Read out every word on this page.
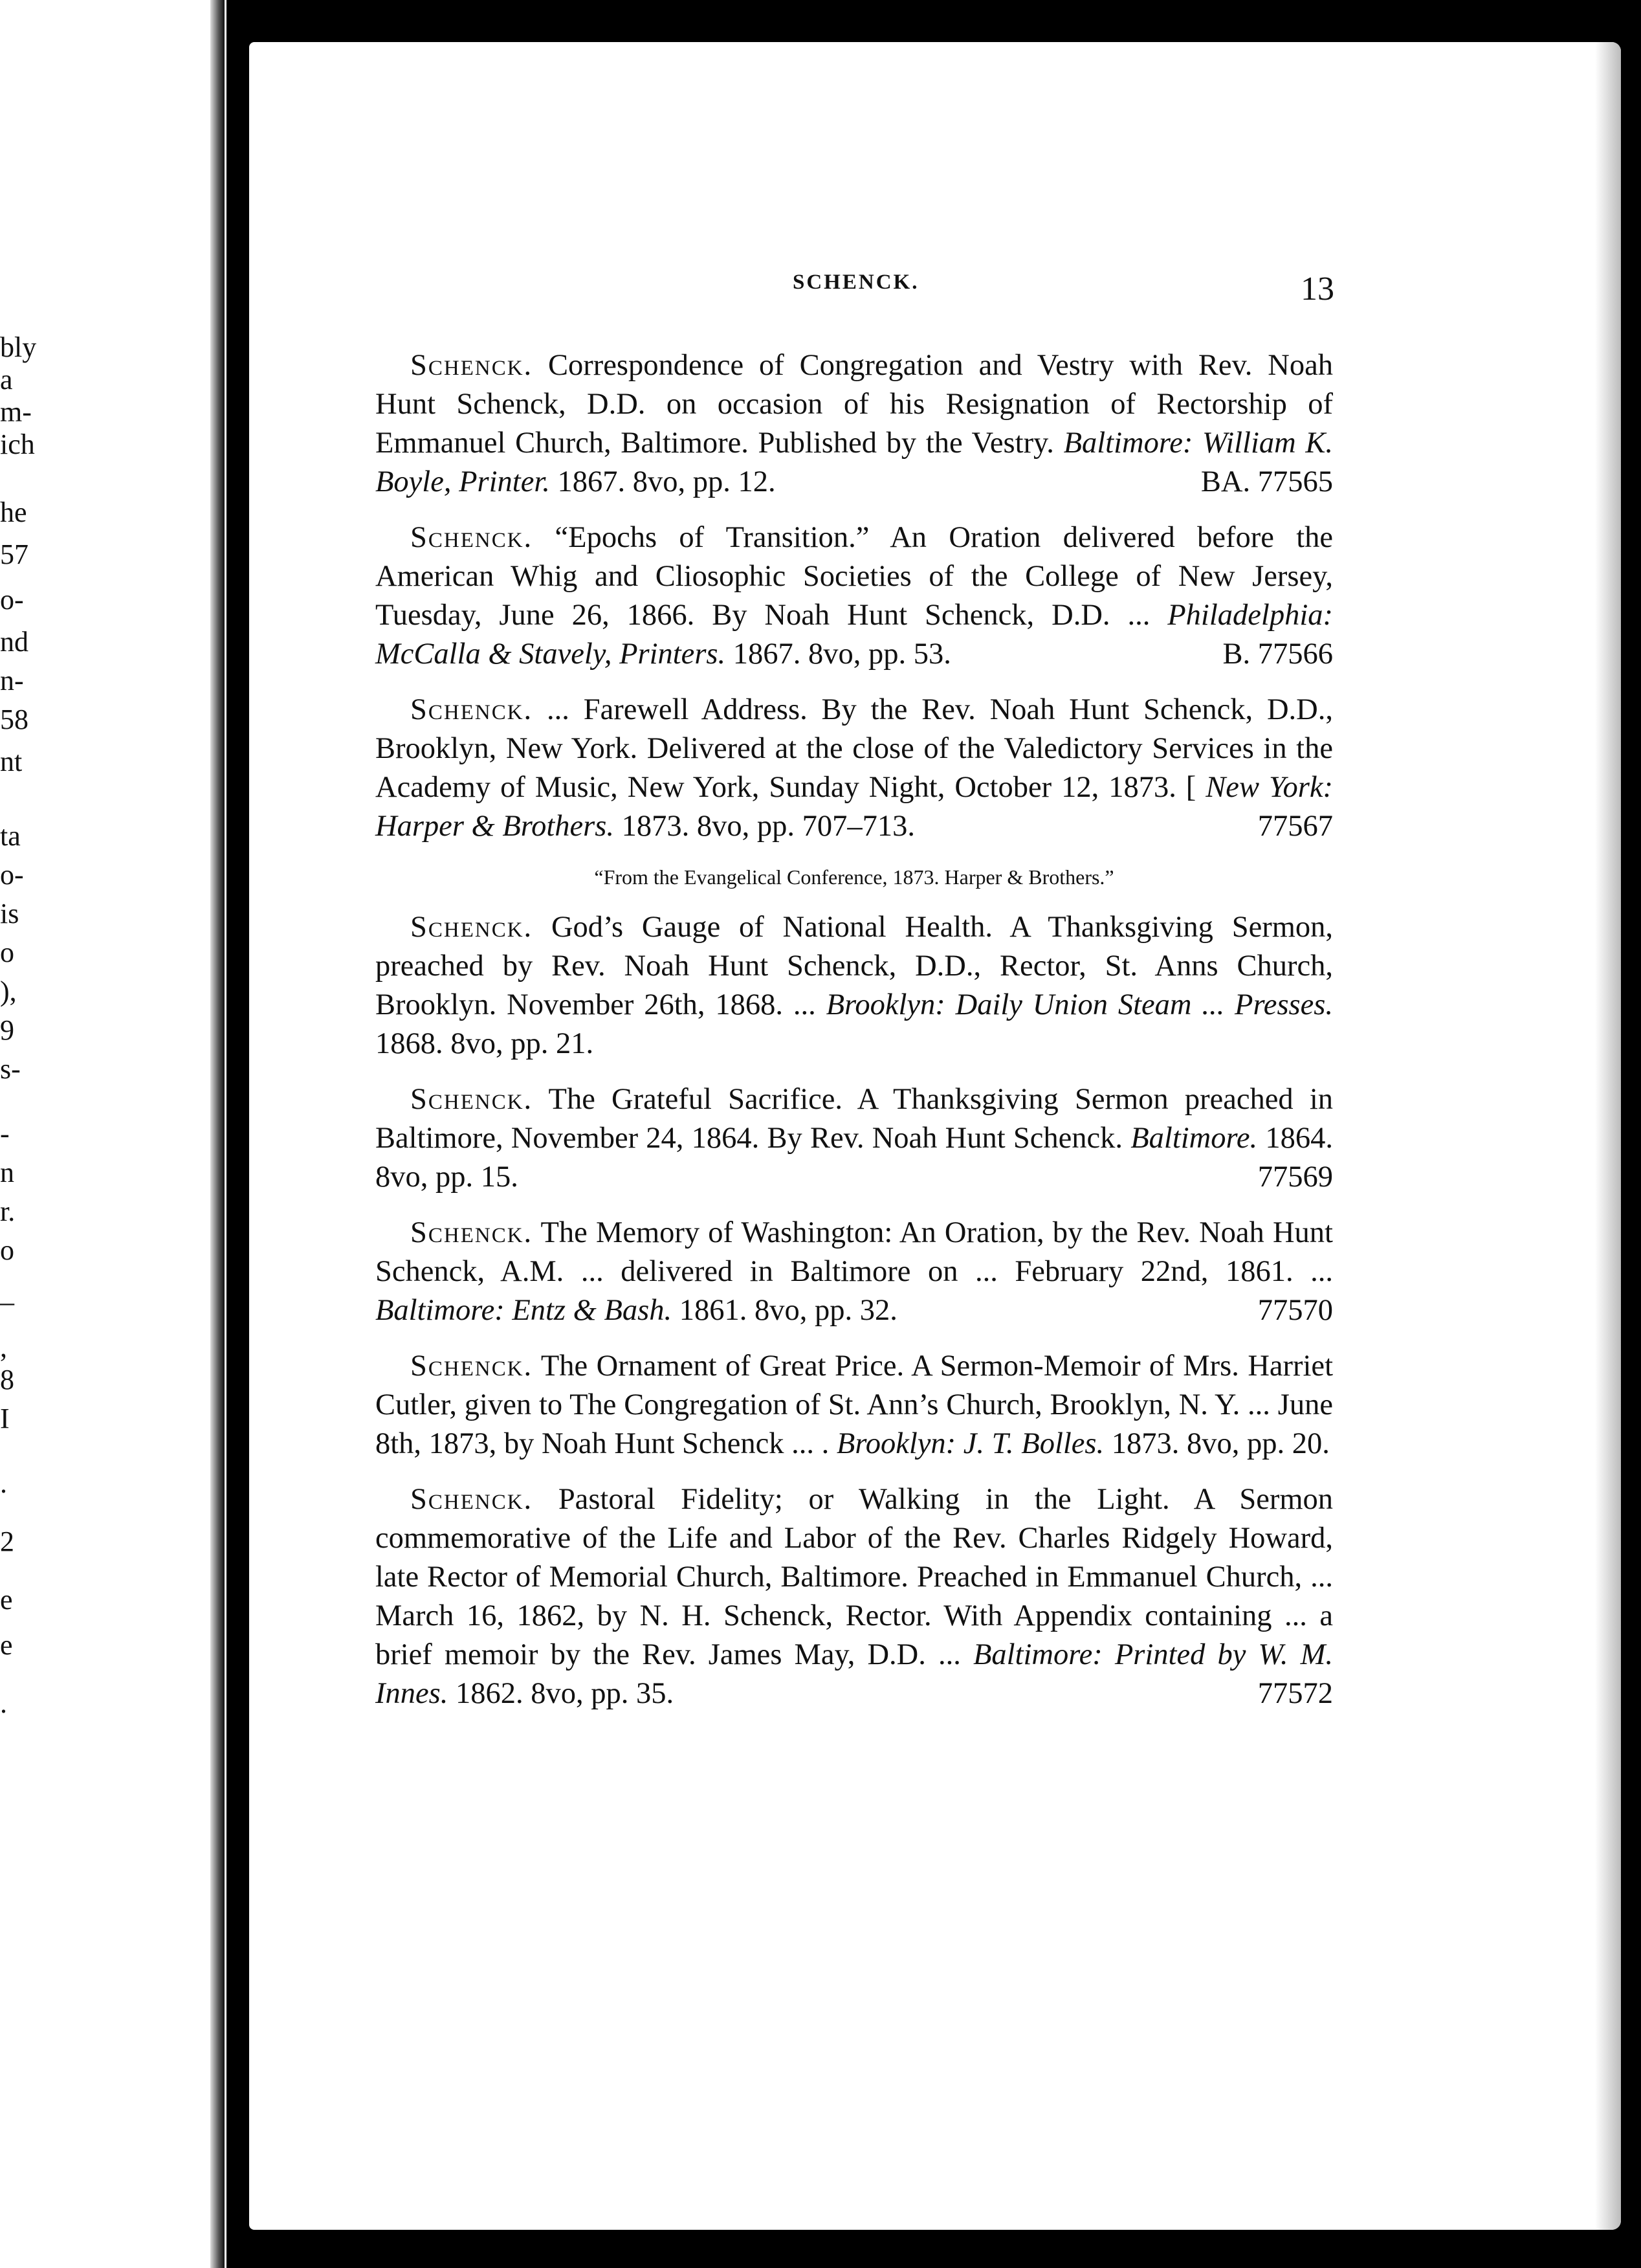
bly
a
m-
ich
he
57
o-
nd
n-
58
nt
ta
o-
is
o
),
9
s-
-
n
r.
o
–
,
8
I
.
2
e
e
.
SCHENCK.	13
Schenck. Correspondence of Congregation and Vestry with Rev. Noah Hunt Schenck, D.D. on occasion of his Resignation of Rectorship of Emmanuel Church, Baltimore. Published by the Vestry. Baltimore: William K. Boyle, Printer. 1867. 8vo, pp. 12.	BA. 77565
Schenck. “Epochs of Transition.” An Oration delivered before the American Whig and Cliosophic Societies of the College of New Jersey, Tuesday, June 26, 1866. By Noah Hunt Schenck, D.D. ... Philadelphia: McCalla & Stavely, Printers. 1867. 8vo, pp. 53.	B. 77566
Schenck. ... Farewell Address. By the Rev. Noah Hunt Schenck, D.D., Brooklyn, New York. Delivered at the close of the Valedictory Services in the Academy of Music, New York, Sunday Night, October 12, 1873. [ New York: Harper & Brothers. 1873. 8vo, pp. 707–713.	77567
“From the Evangelical Conference, 1873. Harper & Brothers.”
Schenck. God’s Gauge of National Health. A Thanksgiving Sermon, preached by Rev. Noah Hunt Schenck, D.D., Rector, St. Anns Church, Brooklyn. November 26th, 1868. ... Brooklyn: Daily Union Steam ... Presses. 1868. 8vo, pp. 21.
Schenck. The Grateful Sacrifice. A Thanksgiving Sermon preached in Baltimore, November 24, 1864. By Rev. Noah Hunt Schenck. Baltimore. 1864. 8vo, pp. 15.	77569
Schenck. The Memory of Washington: An Oration, by the Rev. Noah Hunt Schenck, A.M. ... delivered in Baltimore on ... February 22nd, 1861. ... Baltimore: Entz & Bash. 1861. 8vo, pp. 32.	77570
Schenck. The Ornament of Great Price. A Sermon-Memoir of Mrs. Harriet Cutler, given to The Congregation of St. Ann’s Church, Brooklyn, N. Y. ... June 8th, 1873, by Noah Hunt Schenck ... . Brooklyn: J. T. Bolles. 1873. 8vo, pp. 20.
Schenck. Pastoral Fidelity; or Walking in the Light. A Sermon commemorative of the Life and Labor of the Rev. Charles Ridgely Howard, late Rector of Memorial Church, Baltimore. Preached in Emmanuel Church, ... March 16, 1862, by N. H. Schenck, Rector. With Appendix containing ... a brief memoir by the Rev. James May, D.D. ... Baltimore: Printed by W. M. Innes. 1862. 8vo, pp. 35.	77572
